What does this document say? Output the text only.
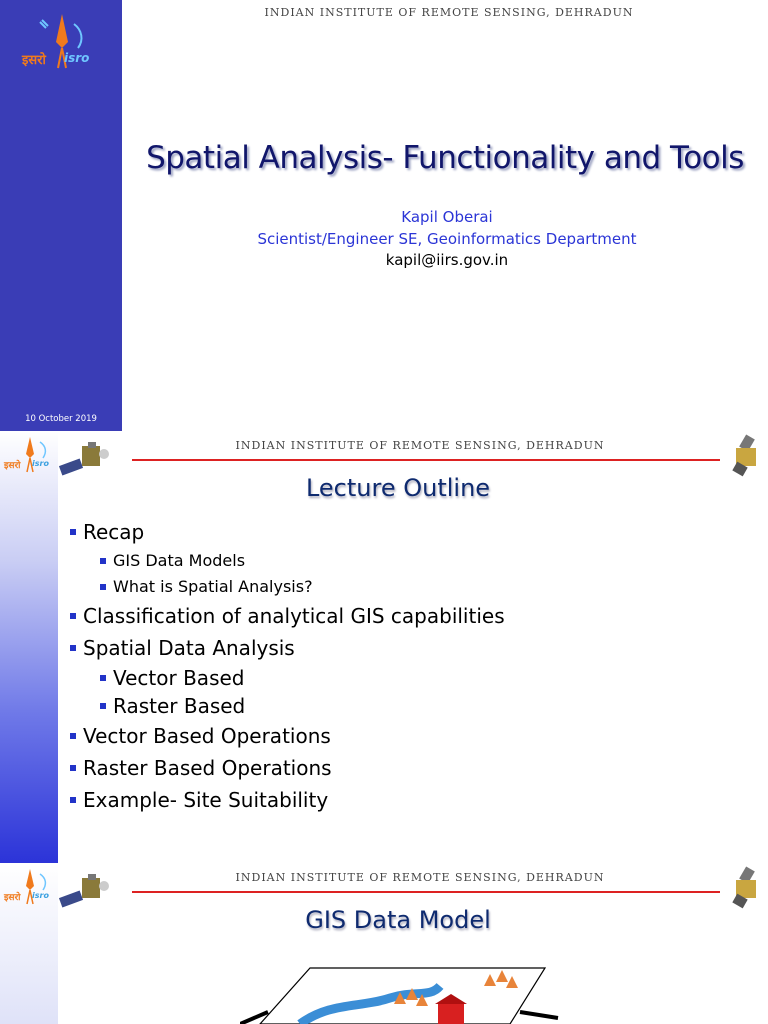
इसरो isro
INDIAN INSTITUTE OF REMOTE SENSING, DEHRADUN
Spatial Analysis- Functionality and Tools
Kapil Oberai
Scientist/Engineer SE, Geoinformatics Department
kapil@iirs.gov.in
10 October 2019
इसरो isro
INDIAN INSTITUTE OF REMOTE SENSING, DEHRADUN
Lecture Outline
Recap
GIS Data Models
What is Spatial Analysis?
Classification of analytical GIS capabilities
Spatial Data Analysis
Vector Based
Raster Based
Vector Based Operations
Raster Based Operations
Example- Site Suitability
इसरो isro
INDIAN INSTITUTE OF REMOTE SENSING, DEHRADUN
GIS Data Model
